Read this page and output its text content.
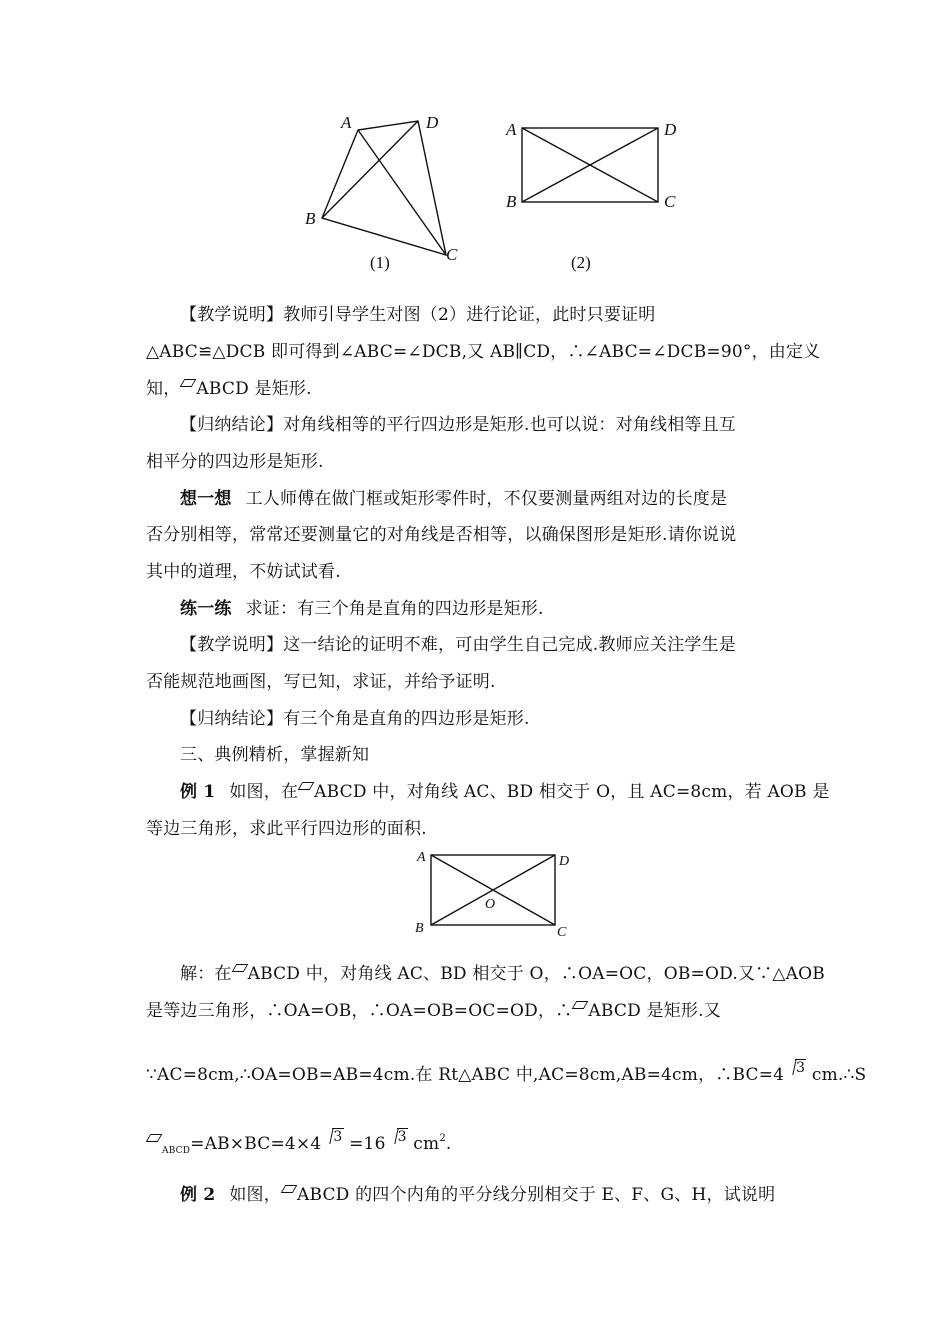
A	D
B
C
(1)
A	D
B	C
(2)
【教学说明】教师引导学生对图（2）进行论证，此时只要证明
△ABC≌△DCB 即可得到∠ABC=∠DCB,又 AB∥CD，∴∠ABC=∠DCB=90°，由定义
知， ABCD 是矩形.
【归纳结论】对角线相等的平行四边形是矩形.也可以说：对角线相等且互
相平分的四边形是矩形.
想一想 工人师傅在做门框或矩形零件时，不仅要测量两组对边的长度是
否分别相等，常常还要测量它的对角线是否相等，以确保图形是矩形.请你说说
其中的道理，不妨试试看.
练一练 求证：有三个角是直角的四边形是矩形.
【教学说明】这一结论的证明不难，可由学生自己完成.教师应关注学生是
否能规范地画图，写已知，求证，并给予证明.
【归纳结论】有三个角是直角的四边形是矩形.
三、典例精析，掌握新知
例 1 如图，在 ABCD 中，对角线 AC、BD 相交于 O，且 AC=8cm，若 AOB 是
等边三角形，求此平行四边形的面积.
A	D
B	C
O
解：在 ABCD 中，对角线 AC、BD 相交于 O，∴OA=OC，OB=OD.又∵△AOB
是等边三角形，∴OA=OB，∴OA=OB=OC=OD，∴ ABCD 是矩形.又
∵AC=8cm,∴OA=OB=AB=4cm.在 Rt△ABC 中,AC=8cm,AB=4cm，∴BC=4 $^3$ cm.∴S
$_{ABCD}$=AB×BC=4×4 $^3$ =16 $^3$ $cm^2$.
例 2 如图， ABCD 的四个内角的平分线分别相交于 E、F、G、H，试说明
